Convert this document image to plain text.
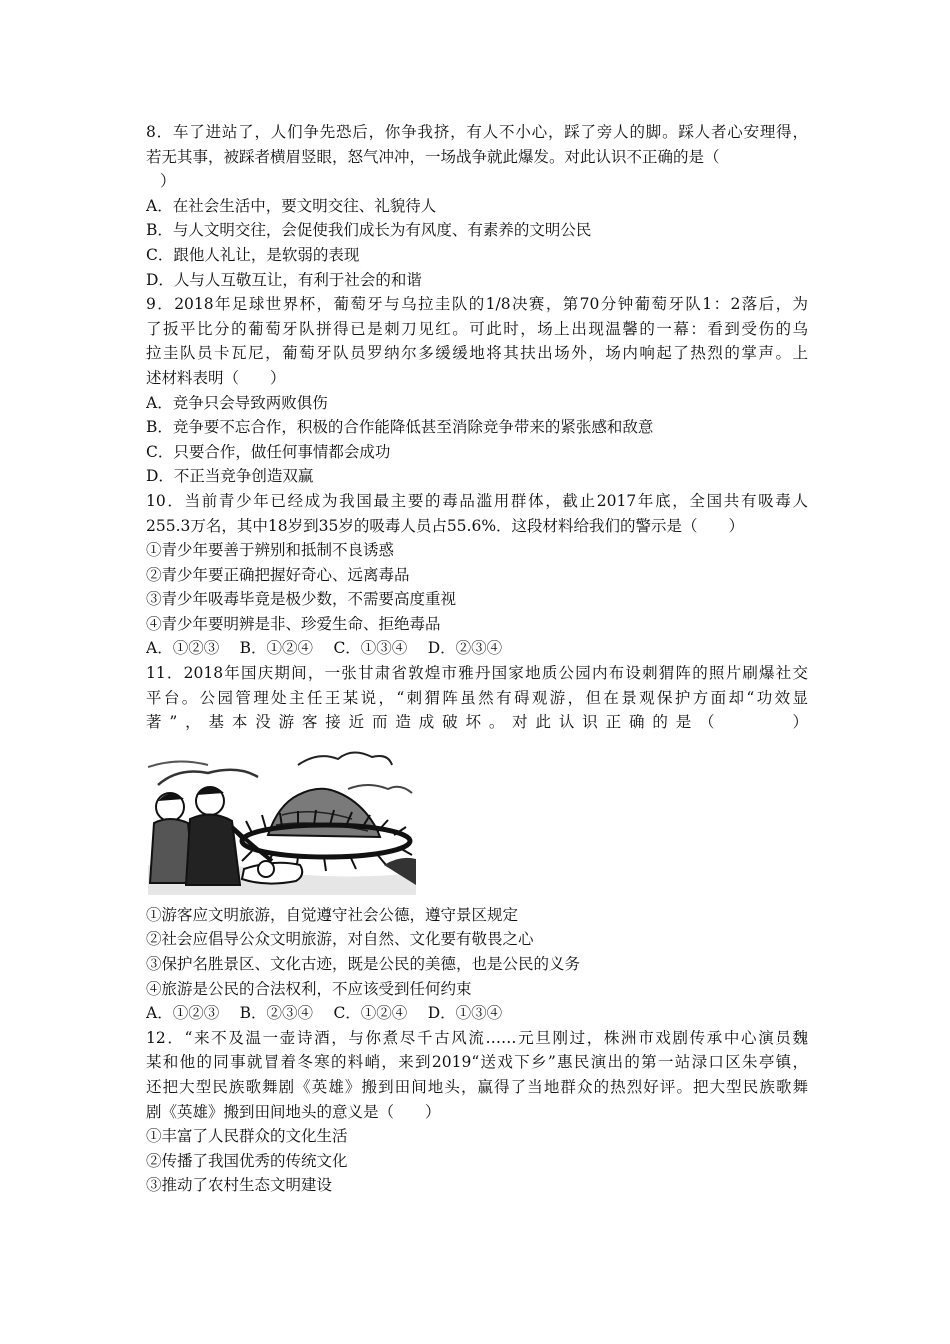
8．车了进站了，人们争先恐后，你争我挤，有人不小心，踩了旁人的脚。踩人者心安理得，
若无其事，被踩者横眉竖眼，怒气冲冲，一场战争就此爆发。对此认识不正确的是（
）
A．在社会生活中，要文明交往、礼貌待人
B．与人文明交往，会促使我们成长为有风度、有素养的文明公民
C．跟他人礼让，是软弱的表现
D．人与人互敬互让，有利于社会的和谐
9．2018年足球世界杯，葡萄牙与乌拉圭队的1/8决赛，第70分钟葡萄牙队1：2落后，为
了扳平比分的葡萄牙队拼得已是刺刀见红。可此时，场上出现温馨的一幕：看到受伤的乌
拉圭队员卡瓦尼，葡萄牙队员罗纳尔多缓缓地将其扶出场外，场内响起了热烈的掌声。上
述材料表明（　　）
A．竞争只会导致两败俱伤
B．竞争要不忘合作，积极的合作能降低甚至消除竞争带来的紧张感和敌意
C．只要合作，做任何事情都会成功
D．不正当竞争创造双赢
10．当前青少年已经成为我国最主要的毒品滥用群体，截止2017年底，全国共有吸毒人
255.3万名，其中18岁到35岁的吸毒人员占55.6%．这段材料给我们的警示是（　　）
①青少年要善于辨别和抵制不良诱惑
②青少年要正确把握好奇心、远离毒品
③青少年吸毒毕竟是极少数，不需要高度重视
④青少年要明辨是非、珍爱生命、拒绝毒品
A．①②③　 B．①②④　 C．①③④　 D．②③④
11．2018年国庆期间，一张甘肃省敦煌市雅丹国家地质公园内布设刺猬阵的照片刷爆社交
平台。公园管理处主任王某说，“刺猬阵虽然有碍观游，但在景观保护方面却“功效显
著”，基本没游客接近而造成破坏。对此认识正确的是（　　　）
①游客应文明旅游，自觉遵守社会公德，遵守景区规定
②社会应倡导公众文明旅游，对自然、文化要有敬畏之心
③保护名胜景区、文化古迹，既是公民的美德，也是公民的义务
④旅游是公民的合法权利，不应该受到任何约束
A．①②③　 B．②③④　 C．①②④　 D．①③④
12．“来不及温一壶诗酒，与你煮尽千古风流……元旦刚过，株洲市戏剧传承中心演员魏
某和他的同事就冒着冬寒的料峭，来到2019“送戏下乡”惠民演出的第一站渌口区朱亭镇，
还把大型民族歌舞剧《英雄》搬到田间地头，赢得了当地群众的热烈好评。把大型民族歌舞
剧《英雄》搬到田间地头的意义是（　　）
①丰富了人民群众的文化生活
②传播了我国优秀的传统文化
③推动了农村生态文明建设
